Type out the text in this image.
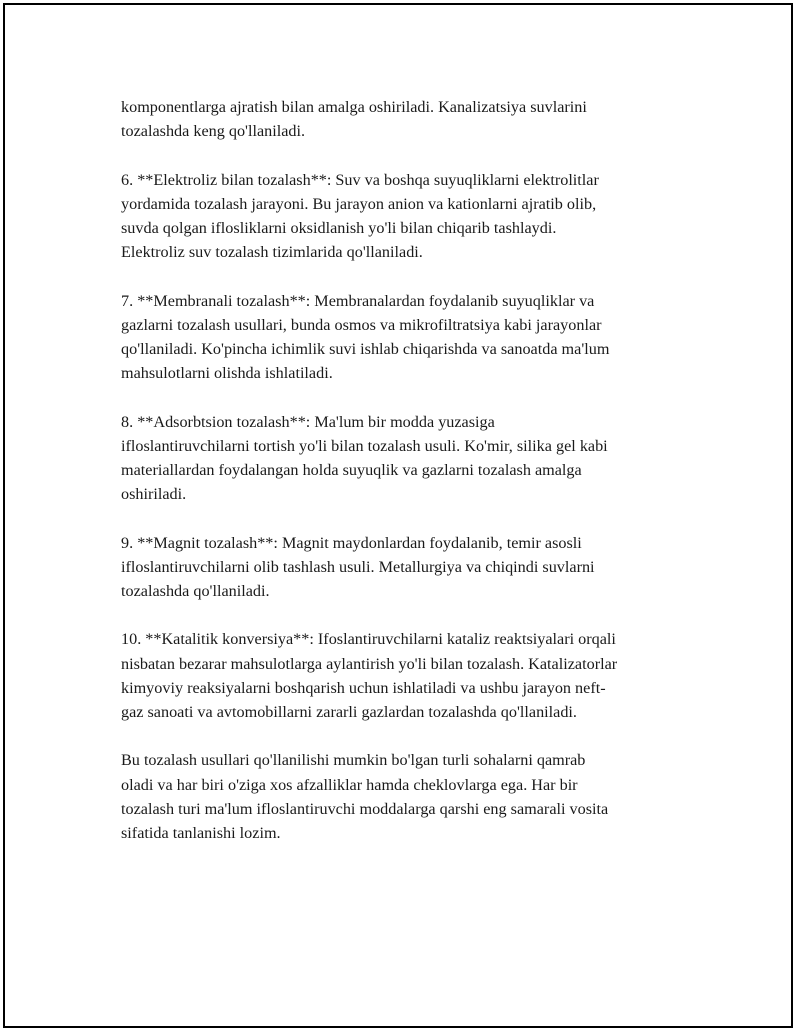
komponentlarga ajratish bilan amalga oshiriladi. Kanalizatsiya suvlarini
tozalashda keng qo'llaniladi.

6. **Elektroliz bilan tozalash**: Suv va boshqa suyuqliklarni elektrolitlar
yordamida tozalash jarayoni. Bu jarayon anion va kationlarni ajratib olib,
suvda qolgan iflosliklarni oksidlanish yo'li bilan chiqarib tashlaydi.
Elektroliz suv tozalash tizimlarida qo'llaniladi.

7. **Membranali tozalash**: Membranalardan foydalanib suyuqliklar va
gazlarni tozalash usullari, bunda osmos va mikrofiltratsiya kabi jarayonlar
qo'llaniladi. Ko'pincha ichimlik suvi ishlab chiqarishda va sanoatda ma'lum
mahsulotlarni olishda ishlatiladi.

8. **Adsorbtsion tozalash**: Ma'lum bir modda yuzasiga
ifloslantiruvchilarni tortish yo'li bilan tozalash usuli. Ko'mir, silika gel kabi
materiallardan foydalangan holda suyuqlik va gazlarni tozalash amalga
oshiriladi.

9. **Magnit tozalash**: Magnit maydonlardan foydalanib, temir asosli
ifloslantiruvchilarni olib tashlash usuli. Metallurgiya va chiqindi suvlarni
tozalashda qo'llaniladi.

10. **Katalitik konversiya**: Ifoslantiruvchilarni kataliz reaktsiyalari orqali
nisbatan bezarar mahsulotlarga aylantirish yo'li bilan tozalash. Katalizatorlar
kimyoviy reaksiyalarni boshqarish uchun ishlatiladi va ushbu jarayon neft-
gaz sanoati va avtomobillarni zararli gazlardan tozalashda qo'llaniladi.

Bu tozalash usullari qo'llanilishi mumkin bo'lgan turli sohalarni qamrab
oladi va har biri o'ziga xos afzalliklar hamda cheklovlarga ega. Har bir
tozalash turi ma'lum ifloslantiruvchi moddalarga qarshi eng samarali vosita
sifatida tanlanishi lozim.
